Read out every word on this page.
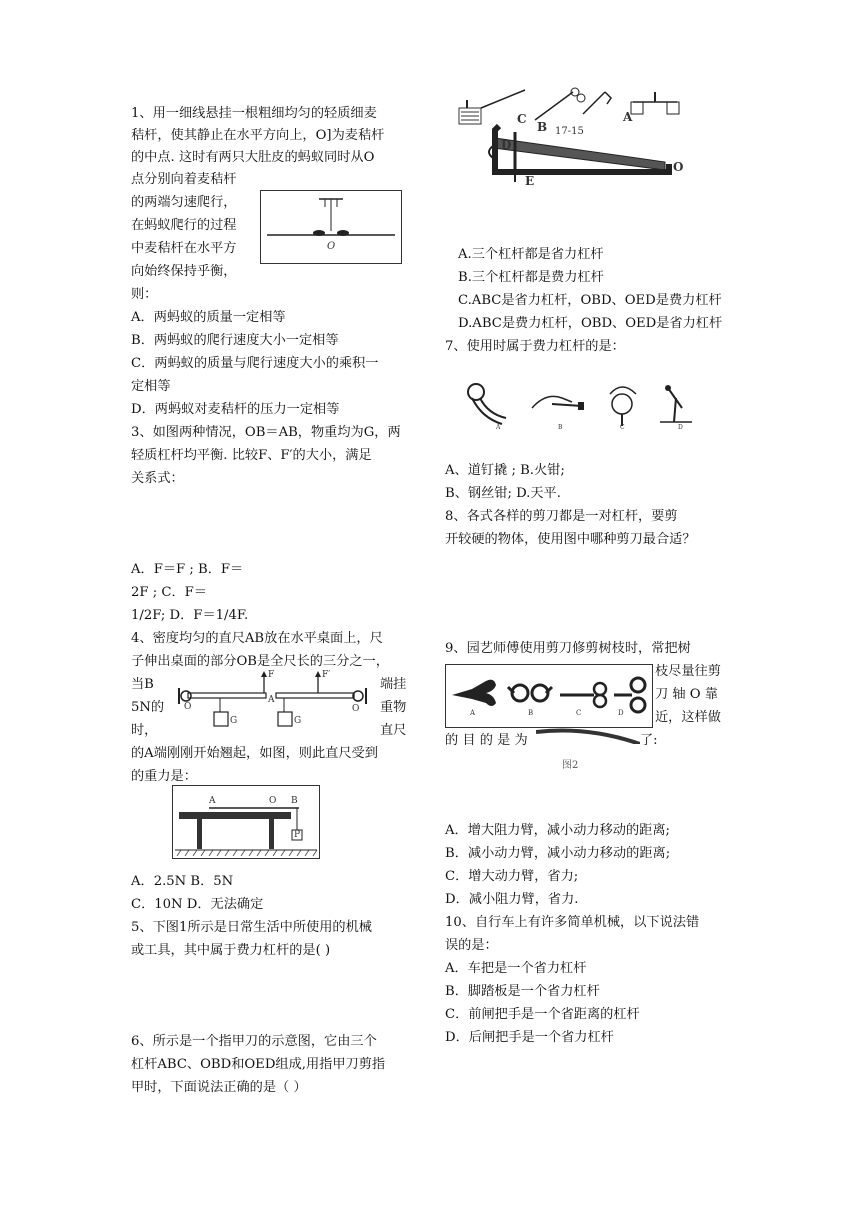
1、用一细线悬挂一根粗细均匀的轻质细麦
秸杆，使其静止在水平方向上，O]为麦秸杆
的中点. 这时有两只大肚皮的蚂蚁同时从O
点分别向着麦秸杆
的两端匀速爬行，
在蚂蚁爬行的过程
中麦秸杆在水平方
向始终保持乎衡，
则：
O
A．两蚂蚁的质量一定相等
B．两蚂蚁的爬行速度大小一定相等
C．两蚂蚁的质量与爬行速度大小的乘积一
定相等
D．两蚂蚁对麦秸杆的压力一定相等
3、如图两种情况，OB＝AB，物重均为G，两
轻质杠杆均平衡. 比较F、F′的大小，满足
关系式：
A．F＝F ; B．F＝
2F ; C．F＝
1/2F; D．F＝1/4F.
4、密度均匀的直尺AB放在水平桌面上，尺
子伸出桌面的部分OB是全尺长的三分之一，
当B
5N的
时，
端挂
重物
直尺
O
F
A
G
F′
O
G
的A端刚刚开始翘起，如图，则此直尺受到
的重力是：
A	O B
P
A．2.5N B．5N
C．10N D．无法确定
5、下图1所示是日常生活中所使用的机械
或工具，其中属于费力杠杆的是( )
6、所示是一个指甲刀的示意图，它由三个
杠杆ABC、OBD和OED组成,用指甲刀剪指
甲时，下面说法正确的是（ ）
C
B 17-15
A
D
E
O
A.三个杠杆都是省力杠杆
B.三个杠杆都是费力杠杆
C.ABC是省力杠杆，OBD、OED是费力杠杆
D.ABC是费力杠杆，OBD、OED是省力杠杆
7、使用时属于费力杠杆的是：
A	B	C	D
A、道钉撬 ; B.火钳;
B、钢丝钳; D.天平.
8、各式各样的剪刀都是一对杠杆，要剪
开较硬的物体，使用图中哪种剪刀最合适？
9、园艺师傅使用剪刀修剪树枝时，常把树
枝尽量往剪
刀 轴 O 靠
近，这样做
的 目 的 是 为	了:
A	B	C	D
图2
A．增大阻力臂，减小动力移动的距离;
B．减小动力臂，减小动力移动的距离;
C．增大动力臂，省力;
D．减小阻力臂，省力.
10、自行车上有许多简单机械，以下说法错
误的是：
A．车把是一个省力杠杆
B．脚踏板是一个省力杠杆
C．前闸把手是一个省距离的杠杆
D．后闸把手是一个省力杠杆
